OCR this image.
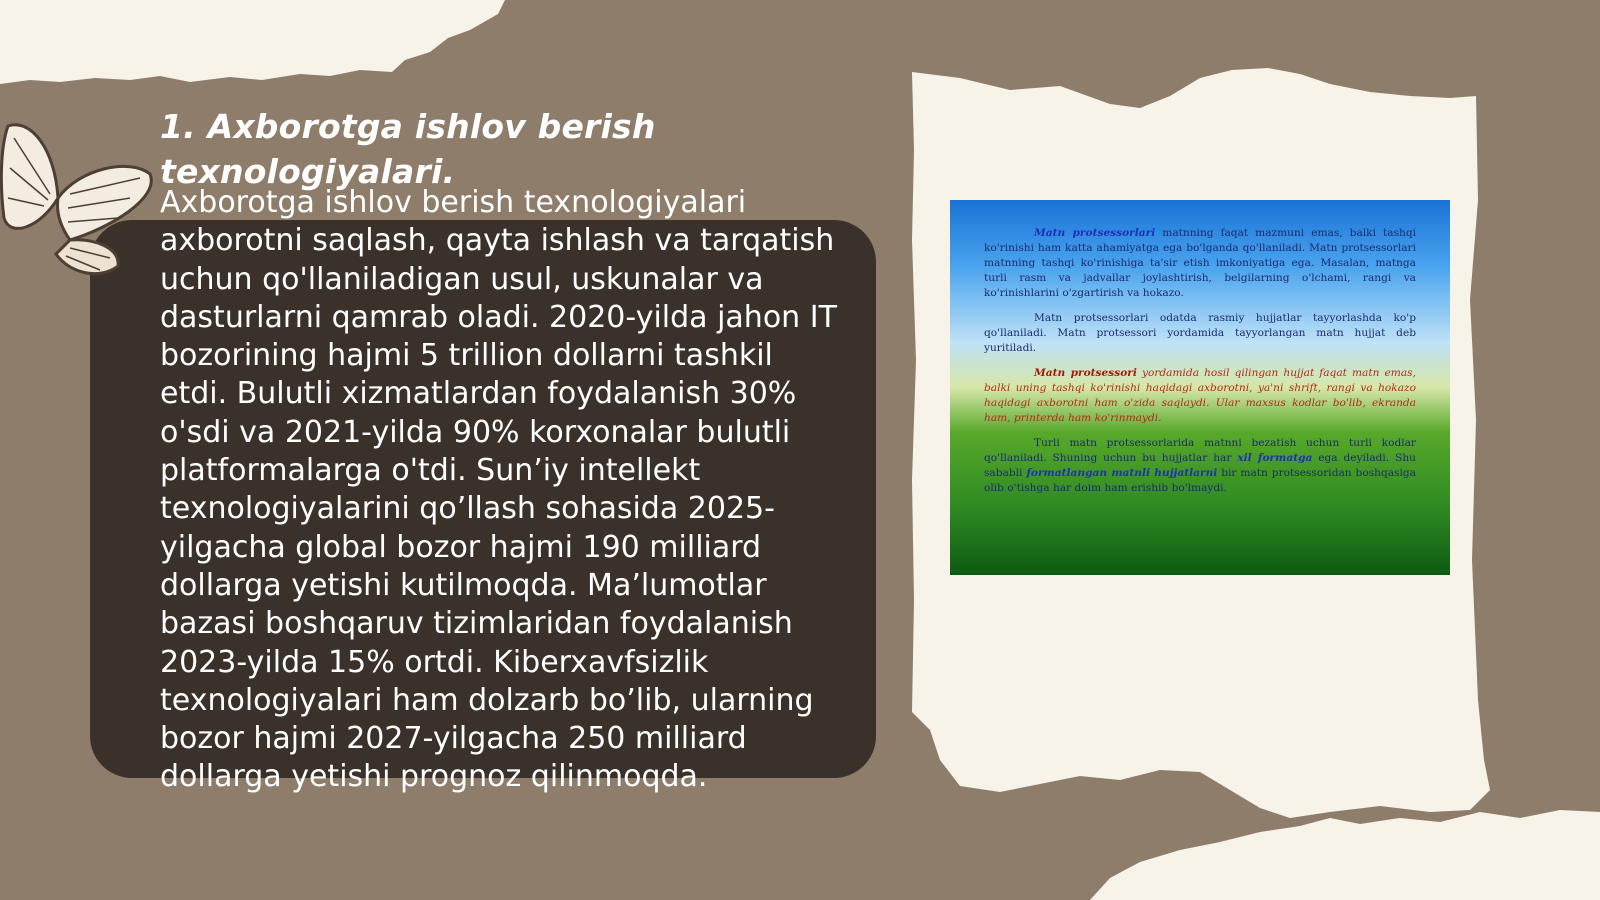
1. Axborotga ishlov berish texnologiyalari.

Axborotga ishlov berish texnologiyalari axborotni saqlash, qayta ishlash va tarqatish uchun qo'llaniladigan usul, uskunalar va dasturlarni qamrab oladi. 2020-yilda jahon IT bozorining hajmi 5 trillion dollarni tashkil etdi. Bulutli xizmatlardan foydalanish 30% o'sdi va 2021-yilda 90% korxonalar bulutli platformalarga o'tdi. Sun’iy intellekt texnologiyalarini qo’llash sohasida 2025-yilgacha global bozor hajmi 190 milliard dollarga yetishi kutilmoqda. Ma’lumotlar bazasi boshqaruv tizimlaridan foydalanish 2023-yilda 15% ortdi. Kiberxavfsizlik texnologiyalari ham dolzarb bo’lib, ularning bozor hajmi 2027-yilgacha 250 milliard dollarga yetishi prognoz qilinmoqda.

Matn protsessorlari matnning faqat mazmuni emas, balki tashqi ko'rinishi ham katta ahamiyatga ega bo'lganda qo'llaniladi. Matn protsessorlari matnning tashqi ko'rinishiga ta'sir etish imkoniyatiga ega. Masalan, matnga turli rasm va jadvallar joylashtirish, belgilarning o'lchami, rangi va ko'rinishlarini o'zgartirish va hokazo.

Matn protsessorlari odatda rasmiy hujjatlar tayyorlashda ko'p qo'llaniladi. Matn protsessori yordamida tayyorlangan matn hujjat deb yuritiladi.

Matn protsessori yordamida hosil qilingan hujjat faqat matn emas, balki uning tashqi ko'rinishi haqidagi axborotni, ya'ni shrift, rangi va hokazo haqidagi axborotni ham o'zida saqlaydi. Ular maxsus kodlar bo'lib, ekranda ham, printerda ham ko'rinmaydi.

Turli matn protsessorlarida matnni bezatish uchun turli kodlar qo'llaniladi. Shuning uchun bu hujjatlar har xil formatga ega deyiladi. Shu sababli formatlangan matnli hujjatlarni bir matn protsessoridan boshqasiga olib o'tishga har doim ham erishib bo'lmaydi.
